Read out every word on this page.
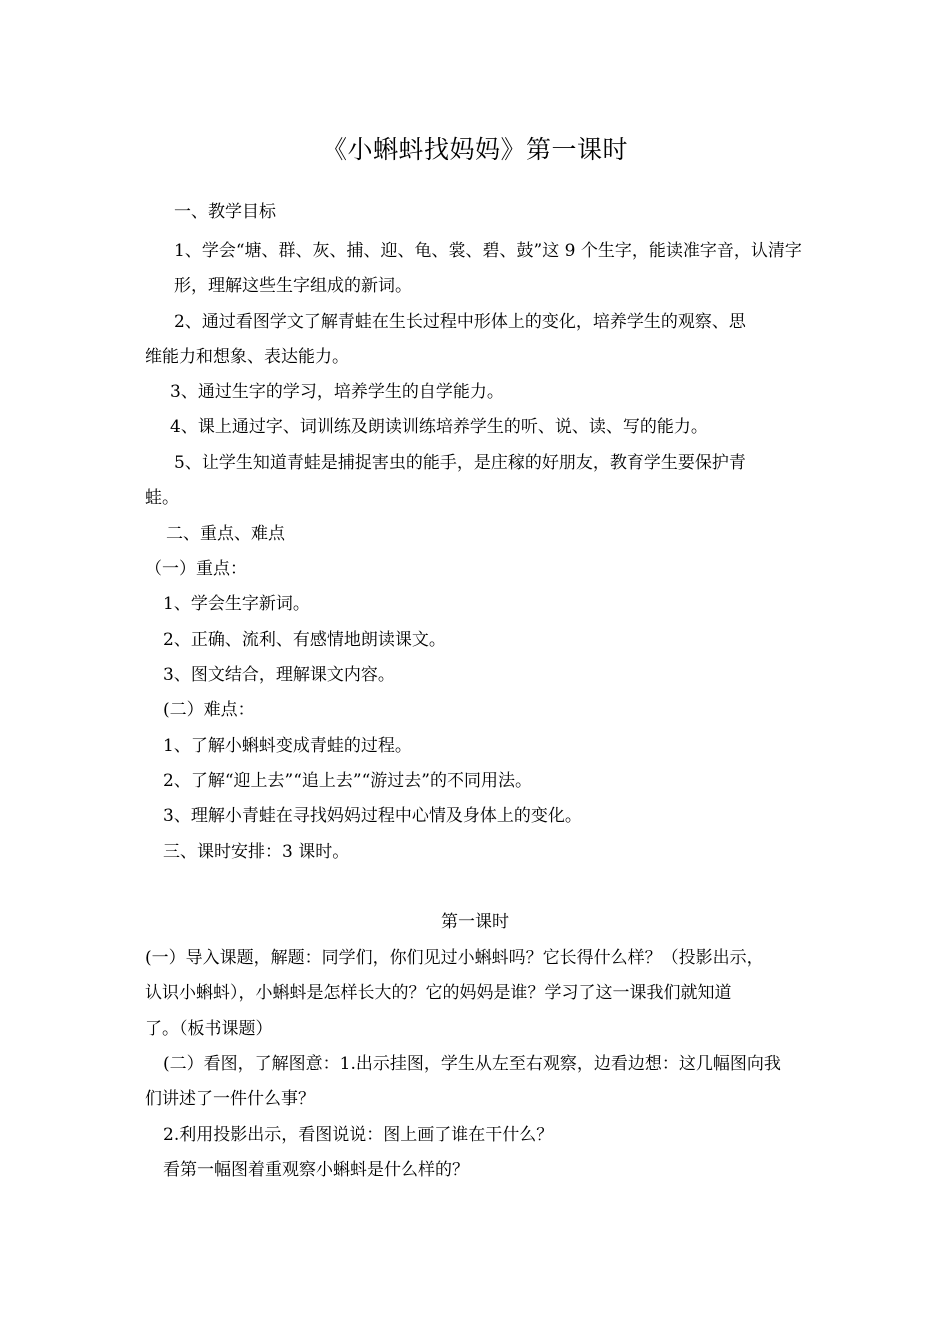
《小蝌蚪找妈妈》第一课时
一、教学目标
1、学会“塘、群、灰、捕、迎、龟、裳、碧、鼓”这 9 个生字，能读准字音，认清字
形，理解这些生字组成的新词。
2、通过看图学文了解青蛙在生长过程中形体上的变化，培养学生的观察、思
维能力和想象、表达能力。
3、通过生字的学习，培养学生的自学能力。
4、课上通过字、词训练及朗读训练培养学生的听、说、读、写的能力。
5、让学生知道青蛙是捕捉害虫的能手，是庄稼的好朋友，教育学生要保护青
蛙。
二、重点、难点
（一）重点：
1、学会生字新词。
2、正确、流利、有感情地朗读课文。
3、图文结合，理解课文内容。
(二）难点：
1、了解小蝌蚪变成青蛙的过程。
2、了解“迎上去”“追上去”“游过去”的不同用法。
3、理解小青蛙在寻找妈妈过程中心情及身体上的变化。
三、课时安排：3 课时。
第一课时
(一）导入课题，解题：同学们，你们见过小蝌蚪吗？它长得什么样？（投影出示，
认识小蝌蚪），小蝌蚪是怎样长大的？它的妈妈是谁？学习了这一课我们就知道
了。（板书课题）
(二）看图，了解图意：1.出示挂图，学生从左至右观察，边看边想：这几幅图向我
们讲述了一件什么事？
2.利用投影出示，看图说说：图上画了谁在干什么？
看第一幅图着重观察小蝌蚪是什么样的？
